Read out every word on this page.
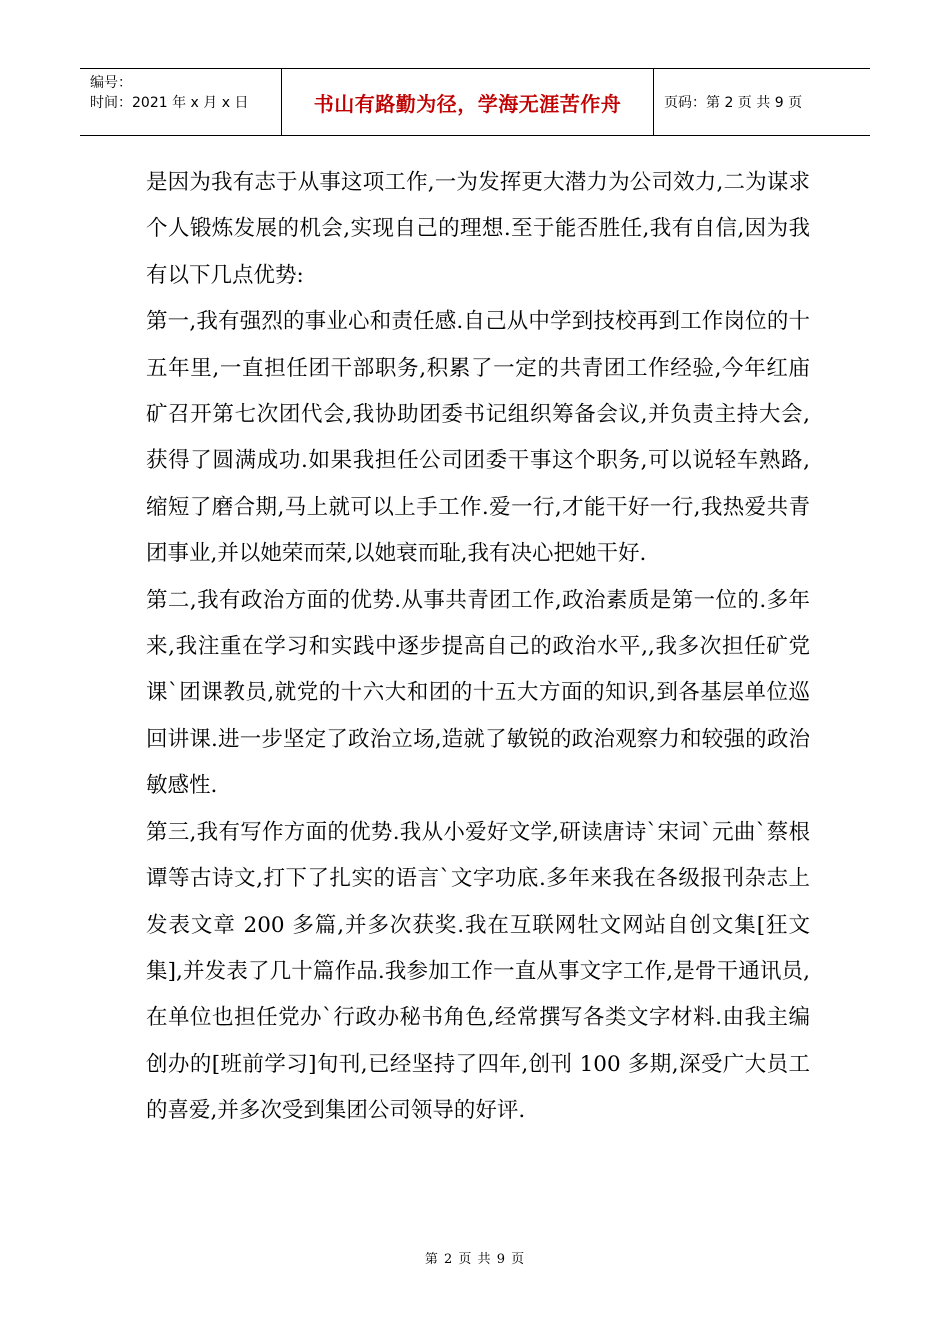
编号：
时间：2021 年 x 月 x 日	书山有路勤为径，学海无涯苦作舟	页码：第 2 页 共 9 页

是因为我有志于从事这项工作,一为发挥更大潜力为公司效力,二为谋求个人锻炼发展的机会,实现自己的理想.至于能否胜任,我有自信,因为我有以下几点优势:

第一,我有强烈的事业心和责任感.自己从中学到技校再到工作岗位的十五年里,一直担任团干部职务,积累了一定的共青团工作经验,今年红庙矿召开第七次团代会,我协助团委书记组织筹备会议,并负责主持大会,获得了圆满成功.如果我担任公司团委干事这个职务,可以说轻车熟路,缩短了磨合期,马上就可以上手工作.爱一行,才能干好一行,我热爱共青团事业,并以她荣而荣,以她衰而耻,我有决心把她干好.

第二,我有政治方面的优势.从事共青团工作,政治素质是第一位的.多年来,我注重在学习和实践中逐步提高自己的政治水平,,我多次担任矿党课`团课教员,就党的十六大和团的十五大方面的知识,到各基层单位巡回讲课.进一步坚定了政治立场,造就了敏锐的政治观察力和较强的政治敏感性.

第三,我有写作方面的优势.我从小爱好文学,研读唐诗`宋词`元曲`蔡根谭等古诗文,打下了扎实的语言`文字功底.多年来我在各级报刊杂志上发表文章 200 多篇,并多次获奖.我在互联网牡文网站自创文集[狂文集],并发表了几十篇作品.我参加工作一直从事文字工作,是骨干通讯员,在单位也担任党办`行政办秘书角色,经常撰写各类文字材料.由我主编创办的[班前学习]旬刊,已经坚持了四年,创刊 100 多期,深受广大员工的喜爱,并多次受到集团公司领导的好评.

第 2 页 共 9 页
